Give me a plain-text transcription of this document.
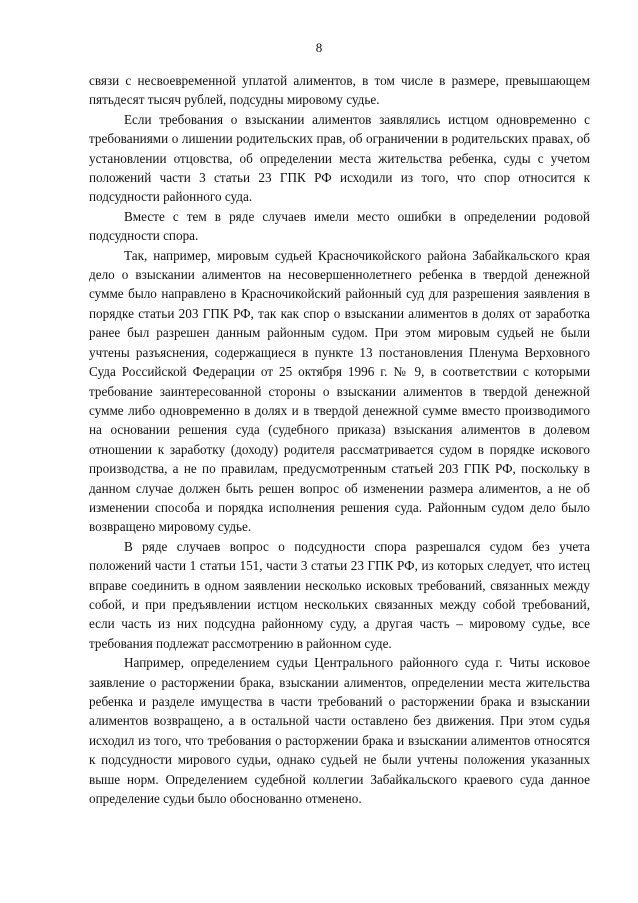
8

связи с несвоевременной уплатой алиментов, в том числе в размере, превышающем пятьдесят тысяч рублей, подсудны мировому судье.

Если требования о взыскании алиментов заявлялись истцом одновременно с требованиями о лишении родительских прав, об ограничении в родительских правах, об установлении отцовства, об определении места жительства ребенка, суды с учетом положений части 3 статьи 23 ГПК РФ исходили из того, что спор относится к подсудности районного суда.

Вместе с тем в ряде случаев имели место ошибки в определении родовой подсудности спора.

Так, например, мировым судьей Красночикойского района Забайкальского края дело о взыскании алиментов на несовершеннолетнего ребенка в твердой денежной сумме было направлено в Красночикойский районный суд для разрешения заявления в порядке статьи 203 ГПК РФ, так как спор о взыскании алиментов в долях от заработка ранее был разрешен данным районным судом. При этом мировым судьей не были учтены разъяснения, содержащиеся в пункте 13 постановления Пленума Верховного Суда Российской Федерации от 25 октября 1996 г. № 9, в соответствии с которыми требование заинтересованной стороны о взыскании алиментов в твердой денежной сумме либо одновременно в долях и в твердой денежной сумме вместо производимого на основании решения суда (судебного приказа) взыскания алиментов в долевом отношении к заработку (доходу) родителя рассматривается судом в порядке искового производства, а не по правилам, предусмотренным статьей 203 ГПК РФ, поскольку в данном случае должен быть решен вопрос об изменении размера алиментов, а не об изменении способа и порядка исполнения решения суда. Районным судом дело было возвращено мировому судье.

В ряде случаев вопрос о подсудности спора разрешался судом без учета положений части 1 статьи 151, части 3 статьи 23 ГПК РФ, из которых следует, что истец вправе соединить в одном заявлении несколько исковых требований, связанных между собой, и при предъявлении истцом нескольких связанных между собой требований, если часть из них подсудна районному суду, а другая часть – мировому судье, все требования подлежат рассмотрению в районном суде.

Например, определением судьи Центрального районного суда г. Читы исковое заявление о расторжении брака, взыскании алиментов, определении места жительства ребенка и разделе имущества в части требований о расторжении брака и взыскании алиментов возвращено, а в остальной части оставлено без движения. При этом судья исходил из того, что требования о расторжении брака и взыскании алиментов относятся к подсудности мирового судьи, однако судьей не были учтены положения указанных выше норм. Определением судебной коллегии Забайкальского краевого суда данное определение судьи было обоснованно отменено.
